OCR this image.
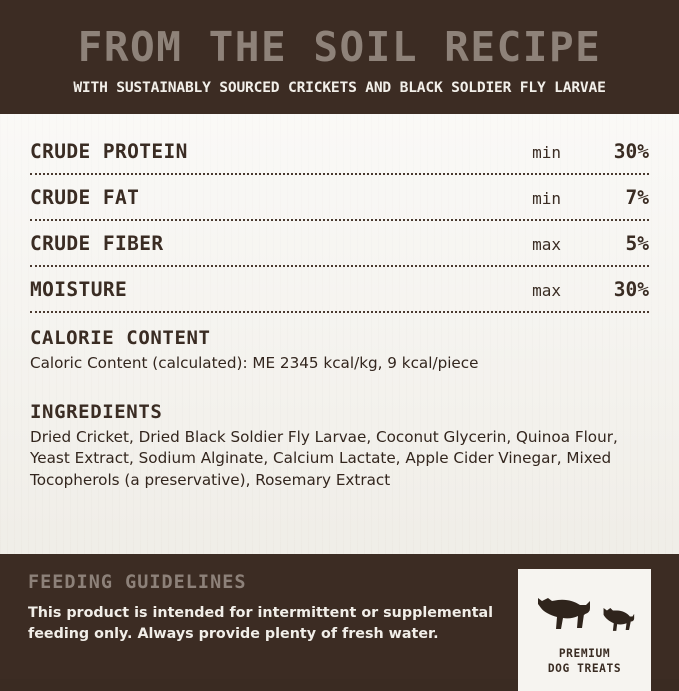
FROM THE SOIL RECIPE

WITH SUSTAINABLY SOURCED CRICKETS AND BLACK SOLDIER FLY LARVAE

CRUDE PROTEIN	min	30%
CRUDE FAT	min	7%
CRUDE FIBER	max	5%
MOISTURE	max	30%
CALORIE CONTENT

Caloric Content (calculated): ME 2345 kcal/kg, 9 kcal/piece

INGREDIENTS

Dried Cricket, Dried Black Soldier Fly Larvae, Coconut Glycerin, Quinoa Flour, Yeast Extract, Sodium Alginate, Calcium Lactate, Apple Cider Vinegar, Mixed Tocopherols (a preservative), Rosemary Extract

FEEDING GUIDELINES

This product is intended for intermittent or supplemental feeding only. Always provide plenty of fresh water.

PREMIUM
DOG TREATS
